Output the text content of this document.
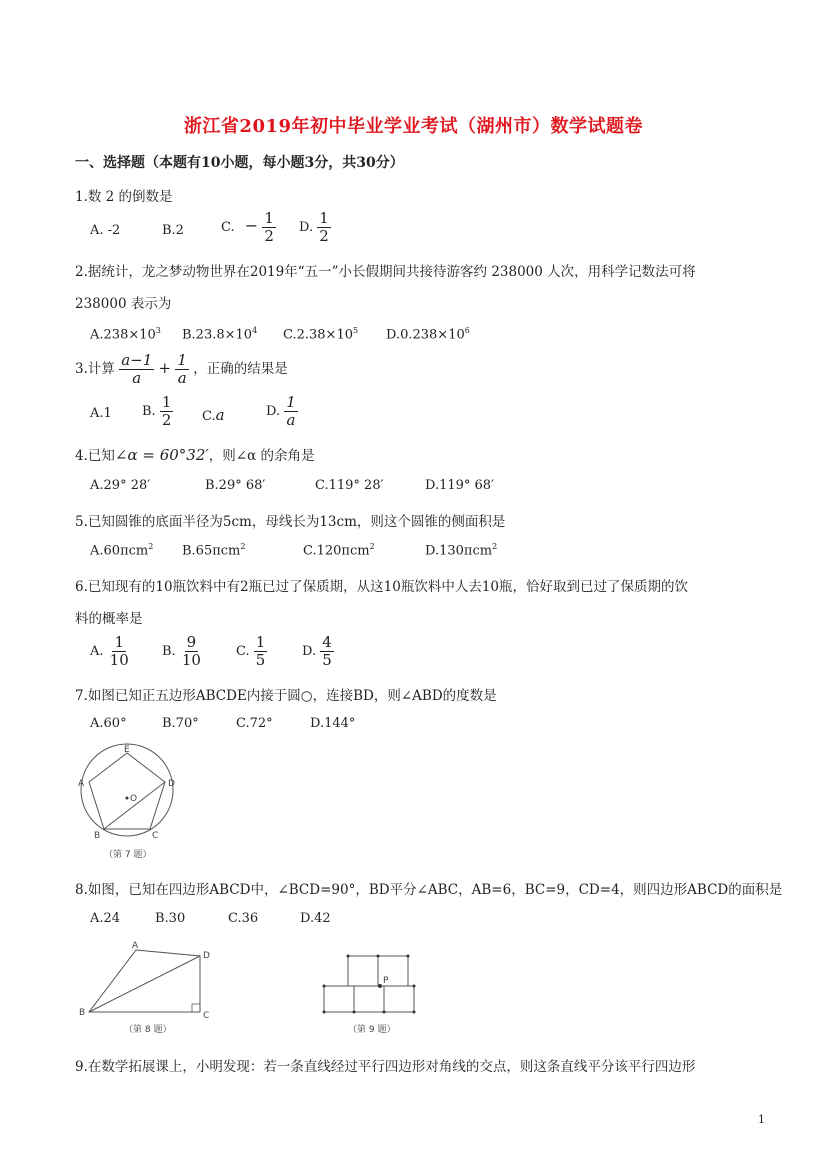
浙江省2019年初中毕业学业考试（湖州市）数学试题卷
一、选择题（本题有10小题，每小题3分，共30分）
1.数 2 的倒数是
A. -2	B.2	C. − $\frac{1}{2} D$. $\frac{1}{2}$
2.据统计，龙之梦动物世界在2019年“五一”小长假期间共接待游客约 238000 人次，用科学记数法可将
238000 表示为
$A.238\times 10^3$ $B.23.8\times 10^4$ $C.2.38\times 10^5$ $D.0.238\times 10^6$
3.计算 $\frac{a-1}{a} + \frac{1}{a}$ ，正确的结果是
A.1 B. $\frac{1}{2} C.a$	D. $\frac{1}{a}$
4.已知∠α = 60°32′，则∠α 的余角是
A.29° 28′	B.29° 68′	C.119° 28′	D.119° 68′
5.已知圆锥的底面半径为5cm，母线长为13cm，则这个圆锥的侧面积是
A.60πcm$^2$ B.65πcm$^2$	C.120πcm$^2$	D.130πcm$^2$
6.已知现有的10瓶饮料中有2瓶已过了保质期，从这10瓶饮料中人去10瓶，恰好取到已过了保质期的饮
料的概率是
A. $\frac{1}{10} B$. $\frac{9}{10}$	C. $\frac{1}{5}$	D. $\frac{4}{5}$
7.如图已知正五边形ABCDE内接于圆○，连接BD，则∠ABD的度数是
A.60°	B.70°	C.72°	D.144°
E
D
A
B	C
O
（第 7 题）
8.如图，已知在四边形ABCD中，∠BCD=90°，BD平分∠ABC，AB=6，BC=9，CD=4，则四边形ABCD的面积是
A.24	B.30	C.36	D.42
A
D
B	C
（第 8 题）
P
（第 9 题）
9.在数学拓展课上，小明发现：若一条直线经过平行四边形对角线的交点，则这条直线平分该平行四边形
1
